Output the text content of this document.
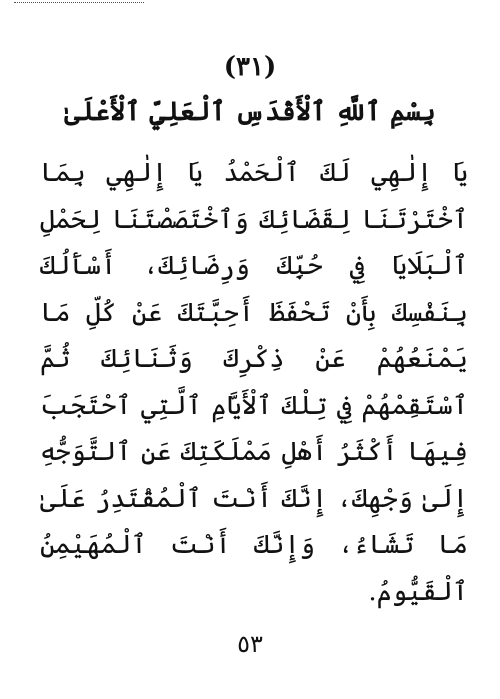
(٣١)
بِسْمِ ٱللَّهِ ٱلْأَقْدَسِ ٱلْعَلِيِّ ٱلْأَعْلَىٰ

يَا إِلٰهِي لَكَ ٱلْحَمْدُ يَا إِلٰهِي بِمَا ٱخْتَرْتَنَا لِقَضَائِكَ وَٱخْتَصَصْتَنَا لِحَمْلِ ٱلْبَلَايَا فِي حُبِّكَ وَرِضَائِكَ، أَسْأَلُكَ بِنَفْسِكَ بِأَنْ تَحْفَظَ أَحِبَّتَكَ عَنْ كُلِّ مَا يَمْنَعُهُمْ عَنْ ذِكْرِكَ وَثَنَائِكَ ثُمَّ ٱسْتَقِمْهُمْ فِي تِلْكَ ٱلْأَيَّامِ ٱلَّتِي ٱحْتَجَبَ فِيهَا أَكْثَرُ أَهْلِ مَمْلَكَتِكَ عَنِ ٱلتَّوَجُّهِ إِلَىٰ وَجْهِكَ، إِنَّكَ أَنْتَ ٱلْمُقْتَدِرُ عَلَىٰ مَا تَشَاءُ، وَإِنَّكَ أَنْتَ ٱلْمُهَيْمِنُ ٱلْقَيُّومُ.

٥٣
